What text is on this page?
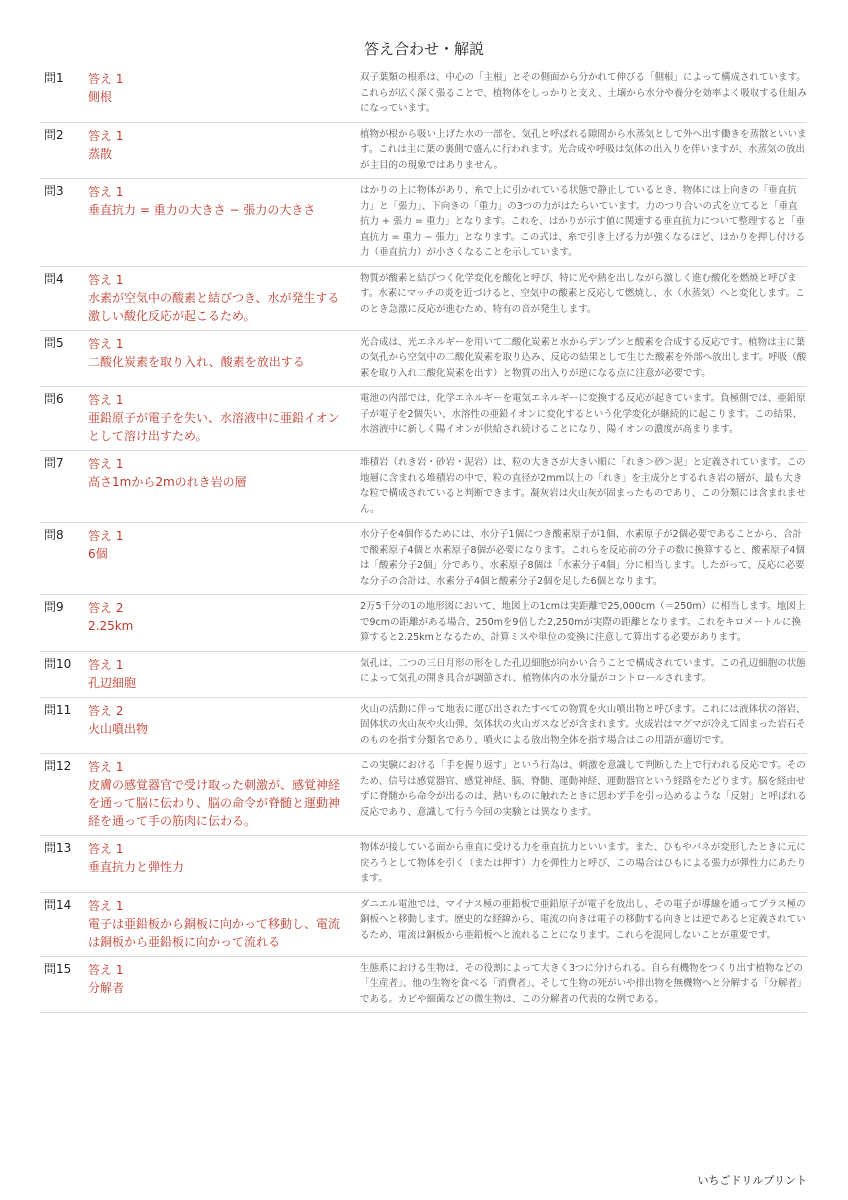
答え合わせ・解説
問1	答え 1
側根
双子葉類の根系は、中心の「主根」とその側面から分かれて伸びる「側根」によって構成されています。これらが広く深く張ることで、植物体をしっかりと支え、土壌から水分や養分を効率よく吸収する仕組みになっています。
問2	答え 1
蒸散
植物が根から吸い上げた水の一部を、気孔と呼ばれる隙間から水蒸気として外へ出す働きを蒸散といいます。これは主に葉の裏側で盛んに行われます。光合成や呼吸は気体の出入りを伴いますが、水蒸気の放出が主目的の現象ではありません。
問3	答え 1
垂直抗力 = 重力の大きさ − 張力の大きさ
はかりの上に物体があり、糸で上に引かれている状態で静止しているとき、物体には上向きの「垂直抗力」と「張力」、下向きの「重力」の3つの力がはたらいています。力のつり合いの式を立てると「垂直抗力 + 張力 = 重力」となります。これを、はかりが示す値に関連する垂直抗力について整理すると「垂直抗力 = 重力 − 張力」となります。この式は、糸で引き上げる力が強くなるほど、はかりを押し付ける力（垂直抗力）が小さくなることを示しています。
問4	答え 1
水素が空気中の酸素と結びつき、水が発生する激しい酸化反応が起こるため。
物質が酸素と結びつく化学変化を酸化と呼び、特に光や熱を出しながら激しく進む酸化を燃焼と呼びます。水素にマッチの炎を近づけると、空気中の酸素と反応して燃焼し、水（水蒸気）へと変化します。このとき急激に反応が進むため、特有の音が発生します。
問5	答え 1
二酸化炭素を取り入れ、酸素を放出する
光合成は、光エネルギーを用いて二酸化炭素と水からデンプンと酸素を合成する反応です。植物は主に葉の気孔から空気中の二酸化炭素を取り込み、反応の結果として生じた酸素を外部へ放出します。呼吸（酸素を取り入れ二酸化炭素を出す）と物質の出入りが逆になる点に注意が必要です。
問6	答え 1
亜鉛原子が電子を失い、水溶液中に亜鉛イオンとして溶け出すため。
電池の内部では、化学エネルギーを電気エネルギーに変換する反応が起きています。負極側では、亜鉛原子が電子を2個失い、水溶性の亜鉛イオンに変化するという化学変化が継続的に起こります。この結果、水溶液中に新しく陽イオンが供給され続けることになり、陽イオンの濃度が高まります。
問7	答え 1
高さ1mから2mのれき岩の層
堆積岩（れき岩・砂岩・泥岩）は、粒の大きさが大きい順に「れき＞砂＞泥」と定義されています。この地層に含まれる堆積岩の中で、粒の直径が2mm以上の「れき」を主成分とするれき岩の層が、最も大きな粒で構成されていると判断できます。凝灰岩は火山灰が固まったものであり、この分類には含まれません。
問8	答え 1
6個
水分子を4個作るためには、水分子1個につき酸素原子が1個、水素原子が2個必要であることから、合計で酸素原子4個と水素原子8個が必要になります。これらを反応前の分子の数に換算すると、酸素原子4個は「酸素分子2個」分であり、水素原子8個は「水素分子4個」分に相当します。したがって、反応に必要な分子の合計は、水素分子4個と酸素分子2個を足した6個となります。
問9	答え 2
2.25km
2万5千分の1の地形図において、地図上の1cmは実距離で25,000cm（＝250m）に相当します。地図上で9cmの距離がある場合、250mを9倍した2,250mが実際の距離となります。これをキロメートルに換算すると2.25kmとなるため、計算ミスや単位の変換に注意して算出する必要があります。
問10	答え 1
孔辺細胞
気孔は、二つの三日月形の形をした孔辺細胞が向かい合うことで構成されています。この孔辺細胞の状態によって気孔の開き具合が調節され、植物体内の水分量がコントロールされます。
問11	答え 2
火山噴出物
火山の活動に伴って地表に運び出されたすべての物質を火山噴出物と呼びます。これには液体状の溶岩、固体状の火山灰や火山弾、気体状の火山ガスなどが含まれます。火成岩はマグマが冷えて固まった岩石そのものを指す分類名であり、噴火による放出物全体を指す場合はこの用語が適切です。
問12	答え 1
皮膚の感覚器官で受け取った刺激が、感覚神経を通って脳に伝わり、脳の命令が脊髄と運動神経を通って手の筋肉に伝わる。
この実験における「手を握り返す」という行為は、刺激を意識して判断した上で行われる反応です。そのため、信号は感覚器官、感覚神経、脳、脊髄、運動神経、運動器官という経路をたどります。脳を経由せずに脊髄から命令が出るのは、熱いものに触れたときに思わず手を引っ込めるような「反射」と呼ばれる反応であり、意識して行う今回の実験とは異なります。
問13	答え 1
垂直抗力と弾性力
物体が接している面から垂直に受ける力を垂直抗力といいます。また、ひもやバネが変形したときに元に戻ろうとして物体を引く（または押す）力を弾性力と呼び、この場合はひもによる張力が弾性力にあたります。
問14	答え 1
電子は亜鉛板から銅板に向かって移動し、電流は銅板から亜鉛板に向かって流れる
ダニエル電池では、マイナス極の亜鉛板で亜鉛原子が電子を放出し、その電子が導線を通ってプラス極の銅板へと移動します。歴史的な経緯から、電流の向きは電子の移動する向きとは逆であると定義されているため、電流は銅板から亜鉛板へと流れることになります。これらを混同しないことが重要です。
問15	答え 1
分解者
生態系における生物は、その役割によって大きく3つに分けられる。自ら有機物をつくり出す植物などの「生産者」、他の生物を食べる「消費者」、そして生物の死がいや排出物を無機物へと分解する「分解者」である。カビや細菌などの微生物は、この分解者の代表的な例である。
いちごドリルプリント
